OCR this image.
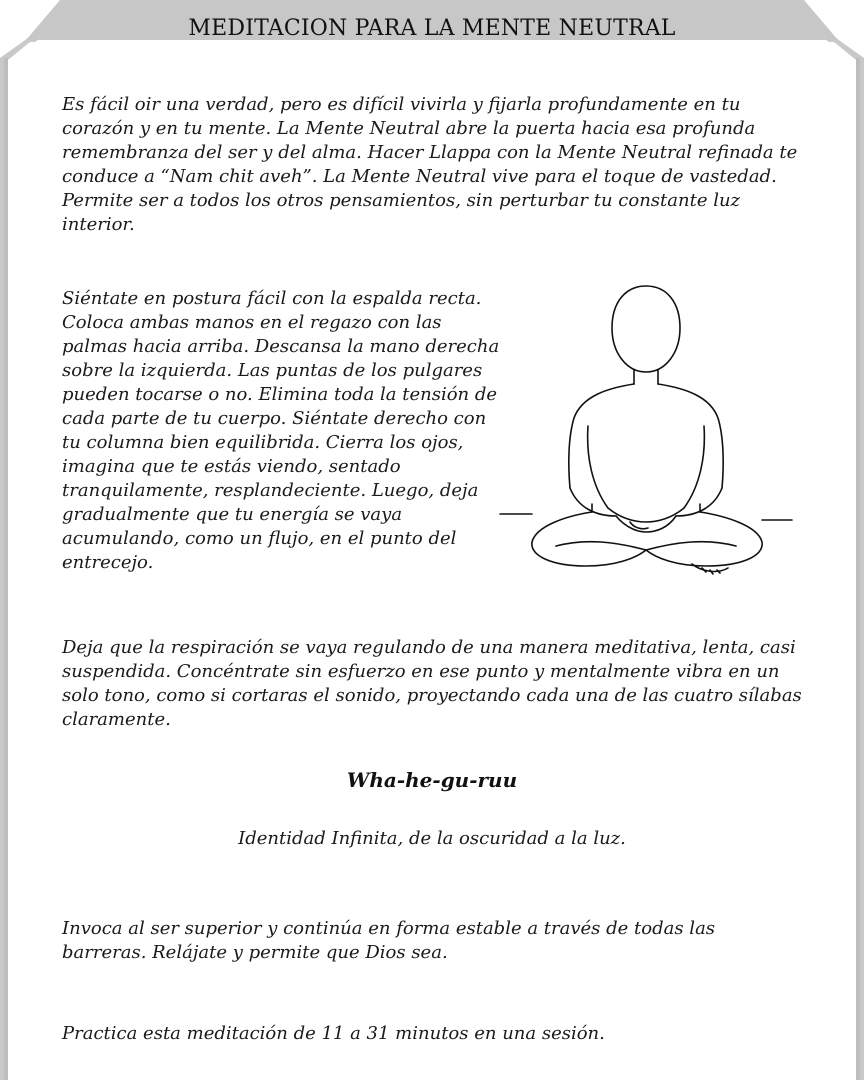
MEDITACION PARA LA MENTE NEUTRAL

Es fácil oir una verdad, pero es difícil vivirla y fijarla profundamente en tu corazón y en tu mente. La Mente Neutral abre la puerta hacia esa profunda remembranza del ser y del alma. Hacer Llappa con la Mente Neutral refinada te conduce a “Nam chit aveh”. La Mente Neutral vive para el toque de vastedad. Permite ser a todos los otros pensamientos, sin perturbar tu constante luz interior.

Siéntate en postura fácil con la espalda recta. Coloca ambas manos en el regazo con las palmas hacia arriba. Descansa la mano derecha sobre la izquierda. Las puntas de los pulgares pueden tocarse o no. Elimina toda la tensión de cada parte de tu cuerpo. Siéntate derecho con tu columna bien equilibrida. Cierra los ojos, imagina que te estás viendo, sentado tranquilamente, resplandeciente. Luego, deja gradualmente que tu energía se vaya acumulando, como un flujo, en el punto del entrecejo.

Deja que la respiración se vaya regulando de una manera meditativa, lenta, casi suspendida. Concéntrate sin esfuerzo en ese punto y mentalmente vibra en un solo tono, como si cortaras el sonido, proyectando cada una de las cuatro sílabas claramente.

Wha-he-gu-ruu

Identidad Infinita, de la oscuridad a la luz.

Invoca al ser superior y continúa en forma estable a través de todas las barreras. Relájate y permite que Dios sea.

Practica esta meditación de 11 a 31 minutos en una sesión.
